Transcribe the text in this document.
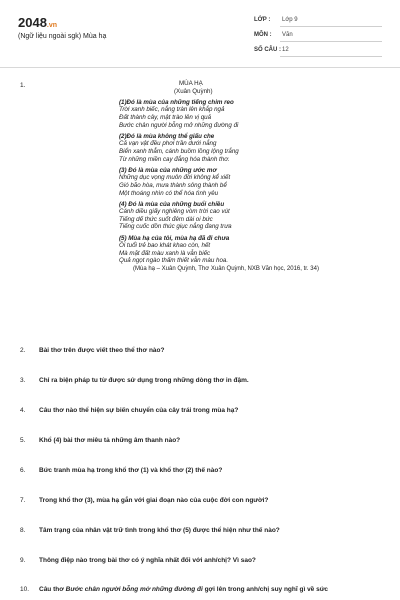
2048.vn
(Ngữ liệu ngoài sgk) Mùa hạ
LỚP : Lớp 9
MÔN : Văn
SỐ CÂU : 12
1.	MÙA HẠ
(Xuân Quỳnh)
(1)Đó là mùa của những tiếng chim reo
Trời xanh biếc, nắng tràn lên khắp ngả
Đất thành cây, mật trào lên vị quả
Bước chân người bỗng mở những đường đi
(2)Đó là mùa không thể giấu che
Cả vạn vật đều phơi trần dưới nắng
Biển xanh thẳm, cánh buồm lồng lộng trắng
Từ những miền cay đắng hóa thành thơ.
(3) Đó là mùa của những ước mơ
Những dục vọng muôn đời không kể xiết
Gió bão hòa, mưa thành sông thành bể
Một thoáng nhìn có thể hóa tình yêu
(4) Đó là mùa của những buổi chiều
Cánh diều giấy nghiêng vòm trời cao vút
Tiếng dế thức suốt đêm dài oi bức
Tiếng cuốc dồn thúc giục nắng đang trưa
(5) Mùa hạ của tôi, mùa hạ đã đi chưa
Ôi tuổi trẻ bao khát khao còn, hết
Mà mặt đất màu xanh là vẫn biếc
Quả ngọt ngào thấm thiết vẫn màu hoa.
(Mùa hạ – Xuân Quỳnh, Thơ Xuân Quỳnh, NXB Văn học, 2016, tr. 34)
2. Bài thơ trên được viết theo thể thơ nào?
3. Chỉ ra biện pháp tu từ được sử dụng trong những dòng thơ in đậm.
4. Câu thơ nào thể hiện sự biến chuyển của cây trái trong mùa hạ?
5. Khổ (4) bài thơ miêu tả những âm thanh nào?
6. Bức tranh mùa hạ trong khổ thơ (1) và khổ thơ (2) thế nào?
7. Trong khổ thơ (3), mùa hạ gắn với giai đoạn nào của cuộc đời con người?
8. Tâm trạng của nhân vật trữ tình trong khổ thơ (5) được thể hiện như thế nào?
9. Thông điệp nào trong bài thơ có ý nghĩa nhất đối với anh/chị? Vì sao?
10. Câu thơ Bước chân người bỗng mở những đường đi gợi lên trong anh/chị suy nghĩ gì về sức
